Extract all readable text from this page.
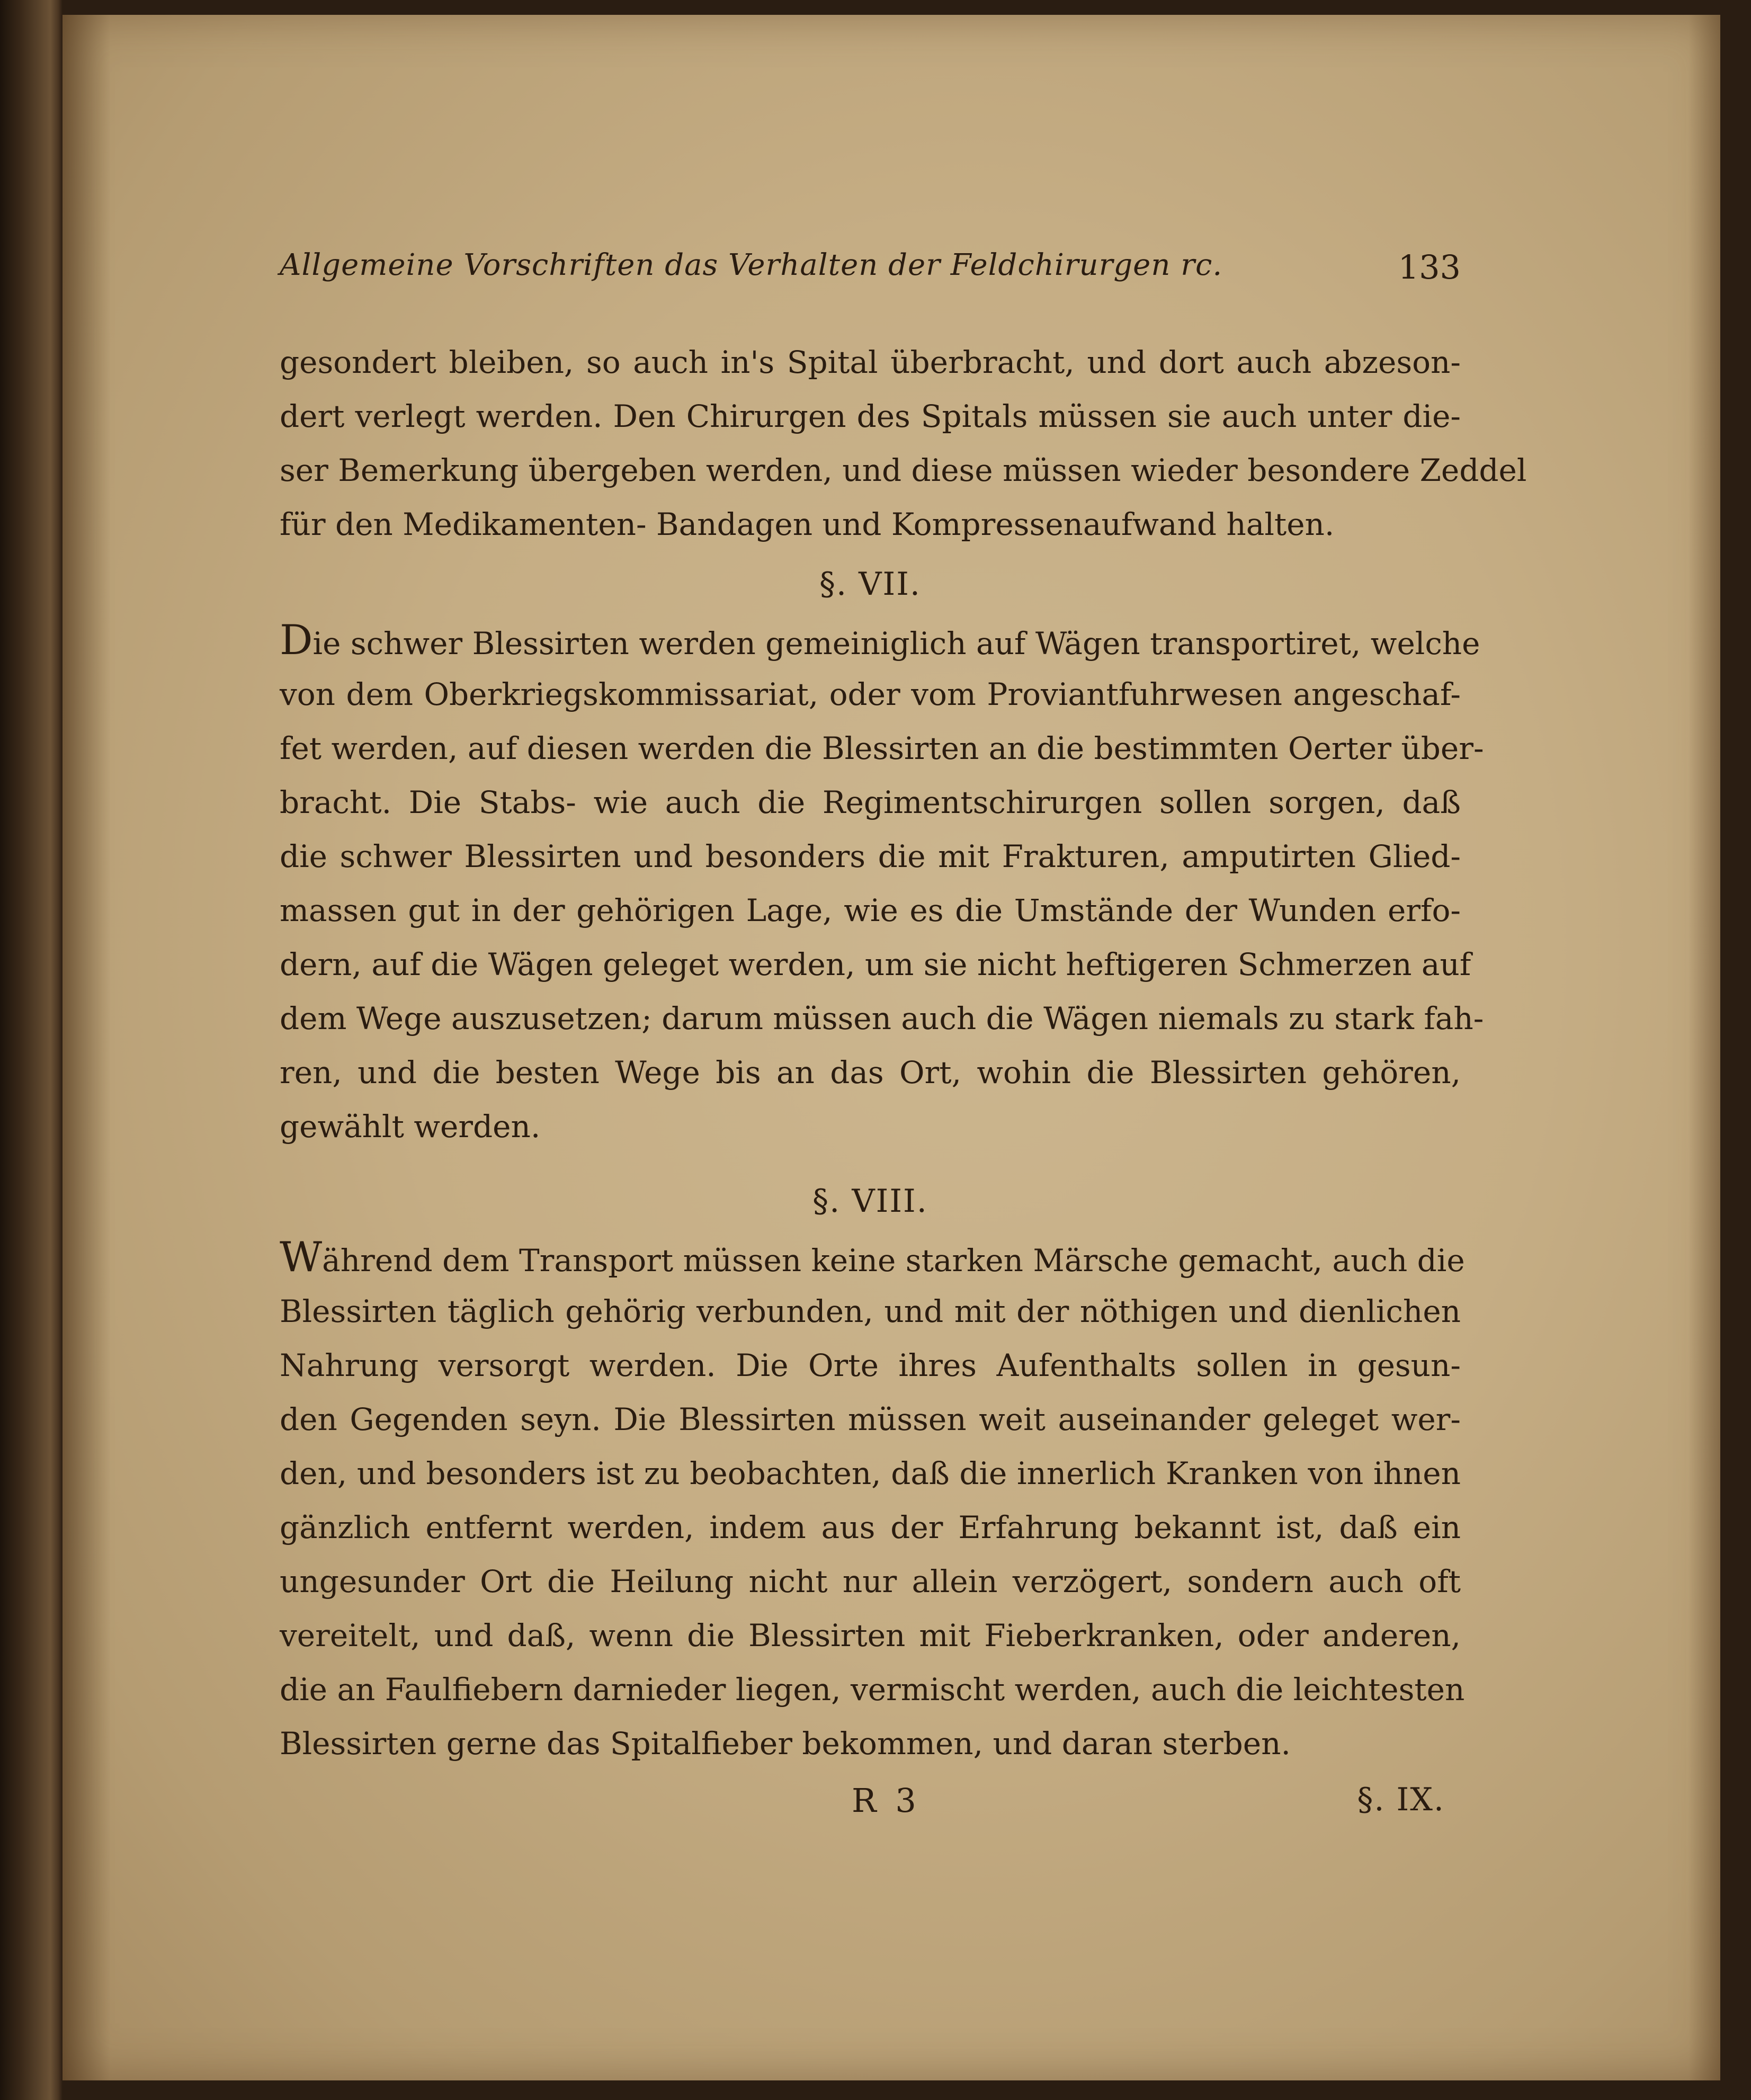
Allgemeine Vorschriften das Verhalten der Feldchirurgen rc.	133
gesondert bleiben, so auch in's Spital überbracht, und dort auch abzeson-
dert verlegt werden. Den Chirurgen des Spitals müssen sie auch unter die-
ser Bemerkung übergeben werden, und diese müssen wieder besondere Zeddel
für den Medikamenten- Bandagen und Kompressenaufwand halten.
§. VII.
Die schwer Blessirten werden gemeiniglich auf Wägen transportiret, welche
von dem Oberkriegskommissariat, oder vom Proviantfuhrwesen angeschaf-
fet werden, auf diesen werden die Blessirten an die bestimmten Oerter über-
bracht. Die Stabs- wie auch die Regimentschirurgen sollen sorgen, daß
die schwer Blessirten und besonders die mit Frakturen, amputirten Glied-
massen gut in der gehörigen Lage, wie es die Umstände der Wunden erfo-
dern, auf die Wägen geleget werden, um sie nicht heftigeren Schmerzen auf
dem Wege auszusetzen; darum müssen auch die Wägen niemals zu stark fah-
ren, und die besten Wege bis an das Ort, wohin die Blessirten gehören,
gewählt werden.
§. VIII.
Während dem Transport müssen keine starken Märsche gemacht, auch die
Blessirten täglich gehörig verbunden, und mit der nöthigen und dienlichen
Nahrung versorgt werden. Die Orte ihres Aufenthalts sollen in gesun-
den Gegenden seyn. Die Blessirten müssen weit auseinander geleget wer-
den, und besonders ist zu beobachten, daß die innerlich Kranken von ihnen
gänzlich entfernt werden, indem aus der Erfahrung bekannt ist, daß ein
ungesunder Ort die Heilung nicht nur allein verzögert, sondern auch oft
vereitelt, und daß, wenn die Blessirten mit Fieberkranken, oder anderen,
die an Faulfiebern darnieder liegen, vermischt werden, auch die leichtesten
Blessirten gerne das Spitalfieber bekommen, und daran sterben.
R 3	§. IX.
